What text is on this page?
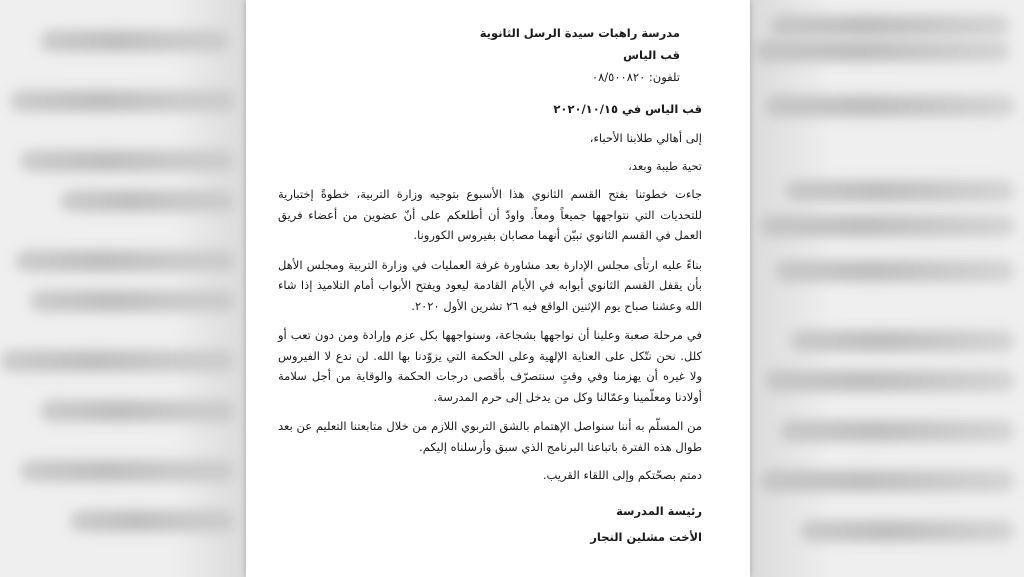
مدرسة راهبات سيدة الرسل الثانوية
قب الياس
تلفون: ٠٨/٥٠٠٨٢٠
قب الياس في ٢٠٢٠/١٠/١٥
إلى أهالي طلابنا الأحباء،
تحية طيبة وبعد،
جاءت خطوتنا بفتح القسم الثانوي هذا الأسبوع بتوجيه وزارة التربية، خطوةً إختبارية للتحديات التي نتواجهها جميعاً ومعاً. واودّ أن أطلعكم على أنّ عضوين من أعضاء فريق العمل في القسم الثانوي تبيّن أنهما مصابان بفيروس الكورونا.
بناءً عليه ارتأى مجلس الإدارة بعد مشاورة غرفة العمليات في وزارة التربية ومجلس الأهل بأن يقفل القسم الثانوي أبوابه في الأيام القادمة ليعود ويفتح الأبواب أمام التلاميذ إذا شاء الله وعشنا صباح يوم الإثنين الواقع فيه ٢٦ تشرين الأول ٢٠٢٠.
في مرحلة صعبة وعلينا أن نواجهها بشجاعة، وسنواجهها بكل عزم وإرادة ومن دون تعب أو كلل. نحن نتّكل على العناية الإلهية وعلى الحكمة التي يزوّدنا بها الله. لن ندع لا الفيروس ولا غيره أن يهزمنا وفي وقتٍ سنتصرّف بأقصى درجات الحكمة والوقاية من أجل سلامة أولادنا ومعلّمينا وعمّالنا وكل من يدخل إلى حرم المدرسة.
من المسلّم به أننا سنواصل الإهتمام بالشق التربوي اللازم من خلال متابعتنا التعليم عن بعد طوال هذه الفترة باتباعنا البرنامج الذي سبق وأرسلناه إليكم.
دمتم بصحّتكم وإلى اللقاء القريب.
رئيسة المدرسة
الأخت مشلين النجار
